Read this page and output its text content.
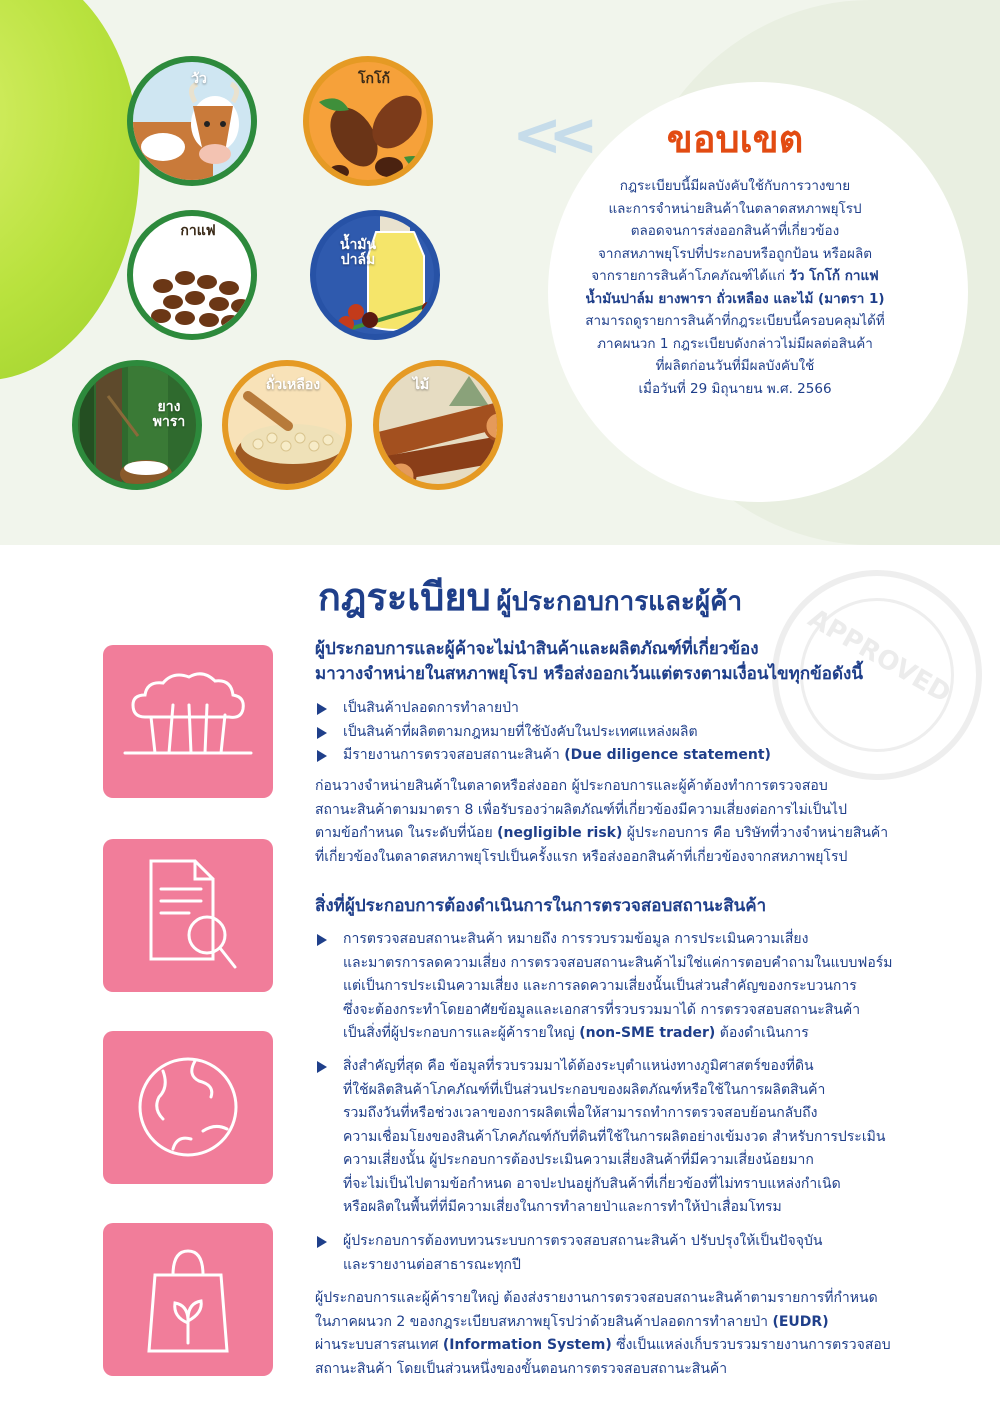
วัว	โกโก้
กาแฟ
น้ำมัน
ปาล์ม
ยาง
พารา
ถั่วเหลือง	ไม้
<<	ขอบเขต
กฎระเบียบนี้มีผลบังคับใช้กับการวางขาย
และการจำหน่ายสินค้าในตลาดสหภาพยุโรป
ตลอดจนการส่งออกสินค้าที่เกี่ยวข้อง
จากสหภาพยุโรปที่ประกอบหรือถูกป้อน หรือผลิต
จากรายการสินค้าโภคภัณฑ์ได้แก่ วัว โกโก้ กาแฟ
น้ำมันปาล์ม ยางพารา ถั่วเหลือง และไม้ (มาตรา 1)
สามารถดูรายการสินค้าที่กฎระเบียบนี้ครอบคลุมได้ที่
ภาคผนวก 1 กฎระเบียบดังกล่าวไม่มีผลต่อสินค้า
ที่ผลิตก่อนวันที่มีผลบังคับใช้
เมื่อวันที่ 29 มิถุนายน พ.ศ. 2566
APPROVED
กฎระเบียบ ผู้ประกอบการและผู้ค้า
ผู้ประกอบการและผู้ค้าจะไม่นำสินค้าและผลิตภัณฑ์ที่เกี่ยวข้อง
มาวางจำหน่ายในสหภาพยุโรป หรือส่งออกเว้นแต่ตรงตามเงื่อนไขทุกข้อดังนี้
เป็นสินค้าปลอดการทำลายป่า
เป็นสินค้าที่ผลิตตามกฎหมายที่ใช้บังคับในประเทศแหล่งผลิต
มีรายงานการตรวจสอบสถานะสินค้า (Due diligence statement)
ก่อนวางจำหน่ายสินค้าในตลาดหรือส่งออก ผู้ประกอบการและผู้ค้าต้องทำการตรวจสอบ
สถานะสินค้าตามมาตรา 8 เพื่อรับรองว่าผลิตภัณฑ์ที่เกี่ยวข้องมีความเสี่ยงต่อการไม่เป็นไป
ตามข้อกำหนด ในระดับที่น้อย (negligible risk) ผู้ประกอบการ คือ บริษัทที่วางจำหน่ายสินค้า
ที่เกี่ยวข้องในตลาดสหภาพยุโรปเป็นครั้งแรก หรือส่งออกสินค้าที่เกี่ยวข้องจากสหภาพยุโรป
สิ่งที่ผู้ประกอบการต้องดำเนินการในการตรวจสอบสถานะสินค้า
การตรวจสอบสถานะสินค้า หมายถึง การรวบรวมข้อมูล การประเมินความเสี่ยง
และมาตรการลดความเสี่ยง การตรวจสอบสถานะสินค้าไม่ใช่แค่การตอบคำถามในแบบฟอร์ม
แต่เป็นการประเมินความเสี่ยง และการลดความเสี่ยงนั้นเป็นส่วนสำคัญของกระบวนการ
ซึ่งจะต้องกระทำโดยอาศัยข้อมูลและเอกสารที่รวบรวมมาได้ การตรวจสอบสถานะสินค้า
เป็นสิ่งที่ผู้ประกอบการและผู้ค้ารายใหญ่ (non-SME trader) ต้องดำเนินการ
สิ่งสำคัญที่สุด คือ ข้อมูลที่รวบรวมมาได้ต้องระบุตำแหน่งทางภูมิศาสตร์ของที่ดิน
ที่ใช้ผลิตสินค้าโภคภัณฑ์ที่เป็นส่วนประกอบของผลิตภัณฑ์หรือใช้ในการผลิตสินค้า
รวมถึงวันที่หรือช่วงเวลาของการผลิตเพื่อให้สามารถทำการตรวจสอบย้อนกลับถึง
ความเชื่อมโยงของสินค้าโภคภัณฑ์กับที่ดินที่ใช้ในการผลิตอย่างเข้มงวด สำหรับการประเมิน
ความเสี่ยงนั้น ผู้ประกอบการต้องประเมินความเสี่ยงสินค้าที่มีความเสี่ยงน้อยมาก
ที่จะไม่เป็นไปตามข้อกำหนด อาจปะปนอยู่กับสินค้าที่เกี่ยวข้องที่ไม่ทราบแหล่งกำเนิด
หรือผลิตในพื้นที่ที่มีความเสี่ยงในการทำลายป่าและการทำให้ป่าเสื่อมโทรม
ผู้ประกอบการต้องทบทวนระบบการตรวจสอบสถานะสินค้า ปรับปรุงให้เป็นปัจจุบัน
และรายงานต่อสาธารณะทุกปี
ผู้ประกอบการและผู้ค้ารายใหญ่ ต้องส่งรายงานการตรวจสอบสถานะสินค้าตามรายการที่กำหนด
ในภาคผนวก 2 ของกฎระเบียบสหภาพยุโรปว่าด้วยสินค้าปลอดการทำลายป่า (EUDR)
ผ่านระบบสารสนเทศ (Information System) ซึ่งเป็นแหล่งเก็บรวบรวมรายงานการตรวจสอบ
สถานะสินค้า โดยเป็นส่วนหนึ่งของขั้นตอนการตรวจสอบสถานะสินค้า
